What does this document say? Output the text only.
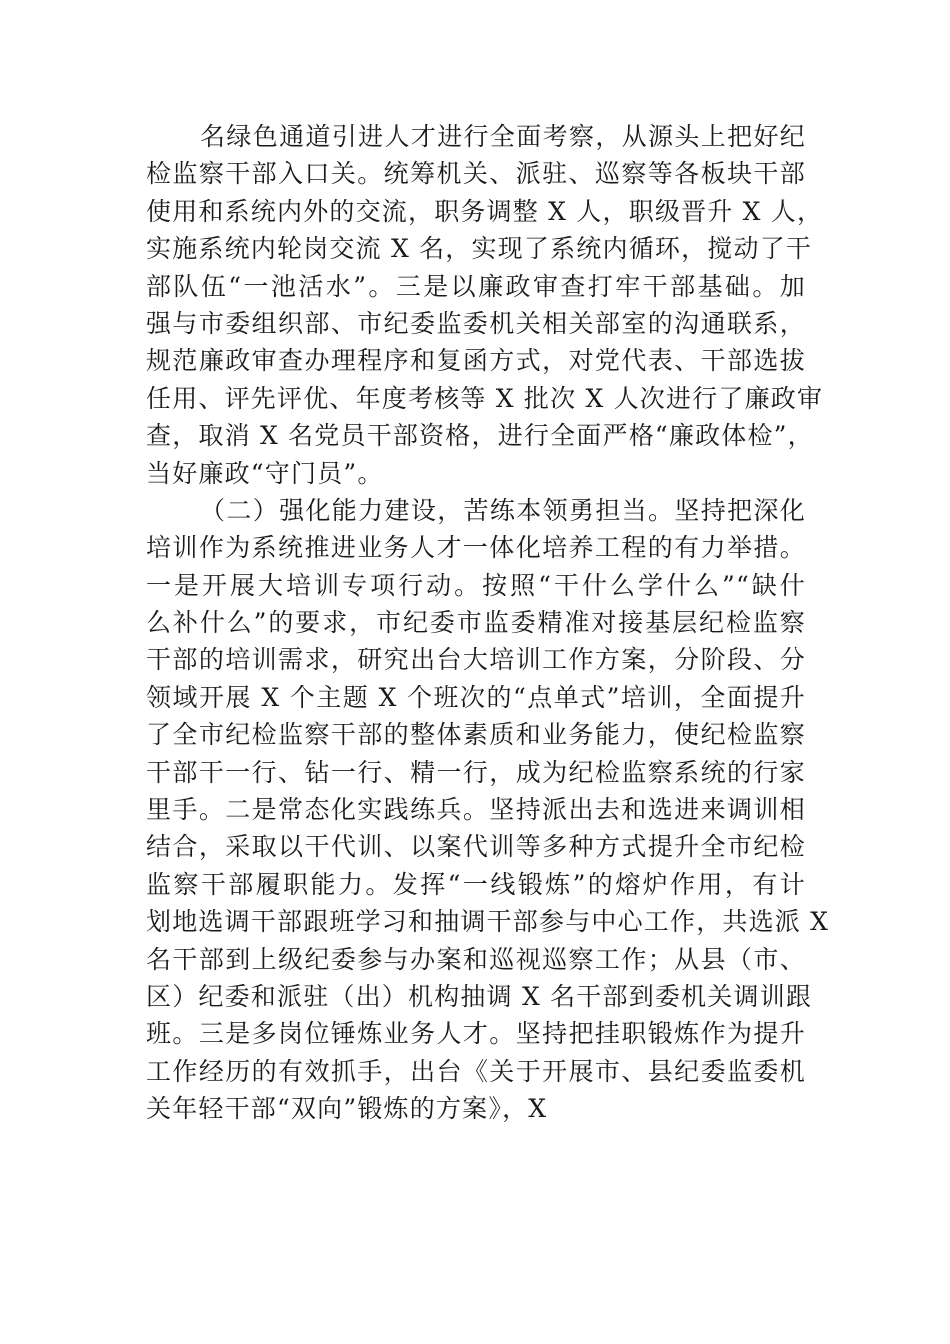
名绿色通道引进人才进行全面考察，从源头上把好纪
检监察干部入口关。统筹机关、派驻、巡察等各板块干部
使用和系统内外的交流，职务调整 X 人，职级晋升 X 人，
实施系统内轮岗交流 X 名，实现了系统内循环，搅动了干
部队伍“一池活水”。三是以廉政审查打牢干部基础。加
强与市委组织部、市纪委监委机关相关部室的沟通联系，
规范廉政审查办理程序和复函方式，对党代表、干部选拔
任用、评先评优、年度考核等 X 批次 X 人次进行了廉政审
查，取消 X 名党员干部资格，进行全面严格“廉政体检”，
当好廉政“守门员”。
（二）强化能力建设，苦练本领勇担当。坚持把深化
培训作为系统推进业务人才一体化培养工程的有力举措。
一是开展大培训专项行动。按照“干什么学什么”“缺什
么补什么”的要求，市纪委市监委精准对接基层纪检监察
干部的培训需求，研究出台大培训工作方案，分阶段、分
领域开展 X 个主题 X 个班次的“点单式”培训，全面提升
了全市纪检监察干部的整体素质和业务能力，使纪检监察
干部干一行、钻一行、精一行，成为纪检监察系统的行家
里手。二是常态化实践练兵。坚持派出去和选进来调训相
结合，采取以干代训、以案代训等多种方式提升全市纪检
监察干部履职能力。发挥“一线锻炼”的熔炉作用，有计
划地选调干部跟班学习和抽调干部参与中心工作，共选派 X
名干部到上级纪委参与办案和巡视巡察工作；从县（市、
区）纪委和派驻（出）机构抽调 X 名干部到委机关调训跟
班。三是多岗位锤炼业务人才。坚持把挂职锻炼作为提升
工作经历的有效抓手，出台《关于开展市、县纪委监委机
关年轻干部“双向”锻炼的方案》，X
